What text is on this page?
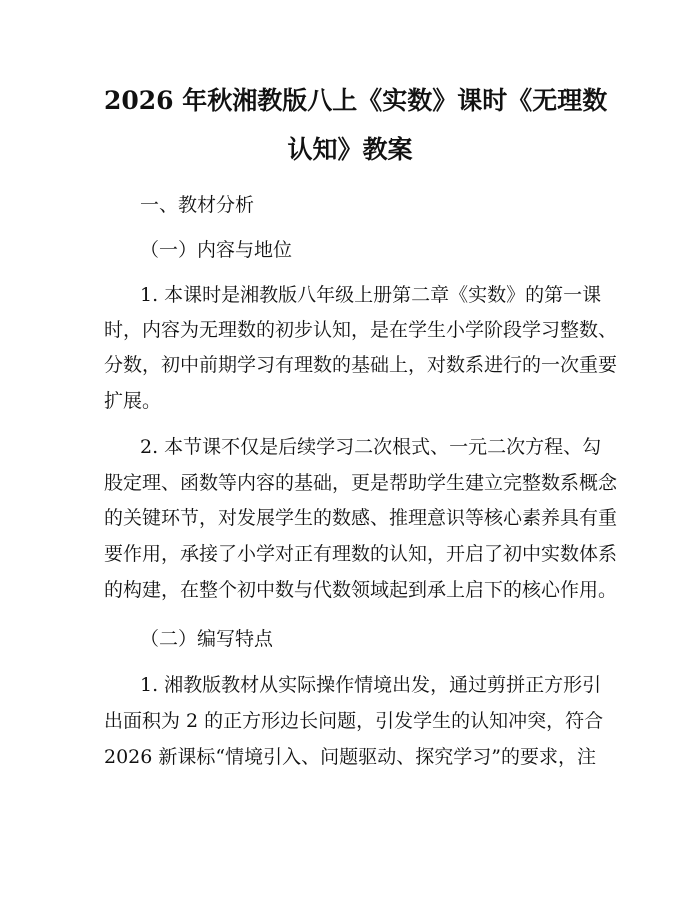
2026 年秋湘教版八上《实数》课时《无理数
认知》教案
一、教材分析
（一）内容与地位
1. 本课时是湘教版八年级上册第二章《实数》的第一课
时，内容为无理数的初步认知，是在学生小学阶段学习整数、
分数，初中前期学习有理数的基础上，对数系进行的一次重要
扩展。
2. 本节课不仅是后续学习二次根式、一元二次方程、勾
股定理、函数等内容的基础，更是帮助学生建立完整数系概念
的关键环节，对发展学生的数感、推理意识等核心素养具有重
要作用，承接了小学对正有理数的认知，开启了初中实数体系
的构建，在整个初中数与代数领域起到承上启下的核心作用。
（二）编写特点
1. 湘教版教材从实际操作情境出发，通过剪拼正方形引
出面积为 2 的正方形边长问题，引发学生的认知冲突，符合
2026 新课标“情境引入、问题驱动、探究学习”的要求，注
